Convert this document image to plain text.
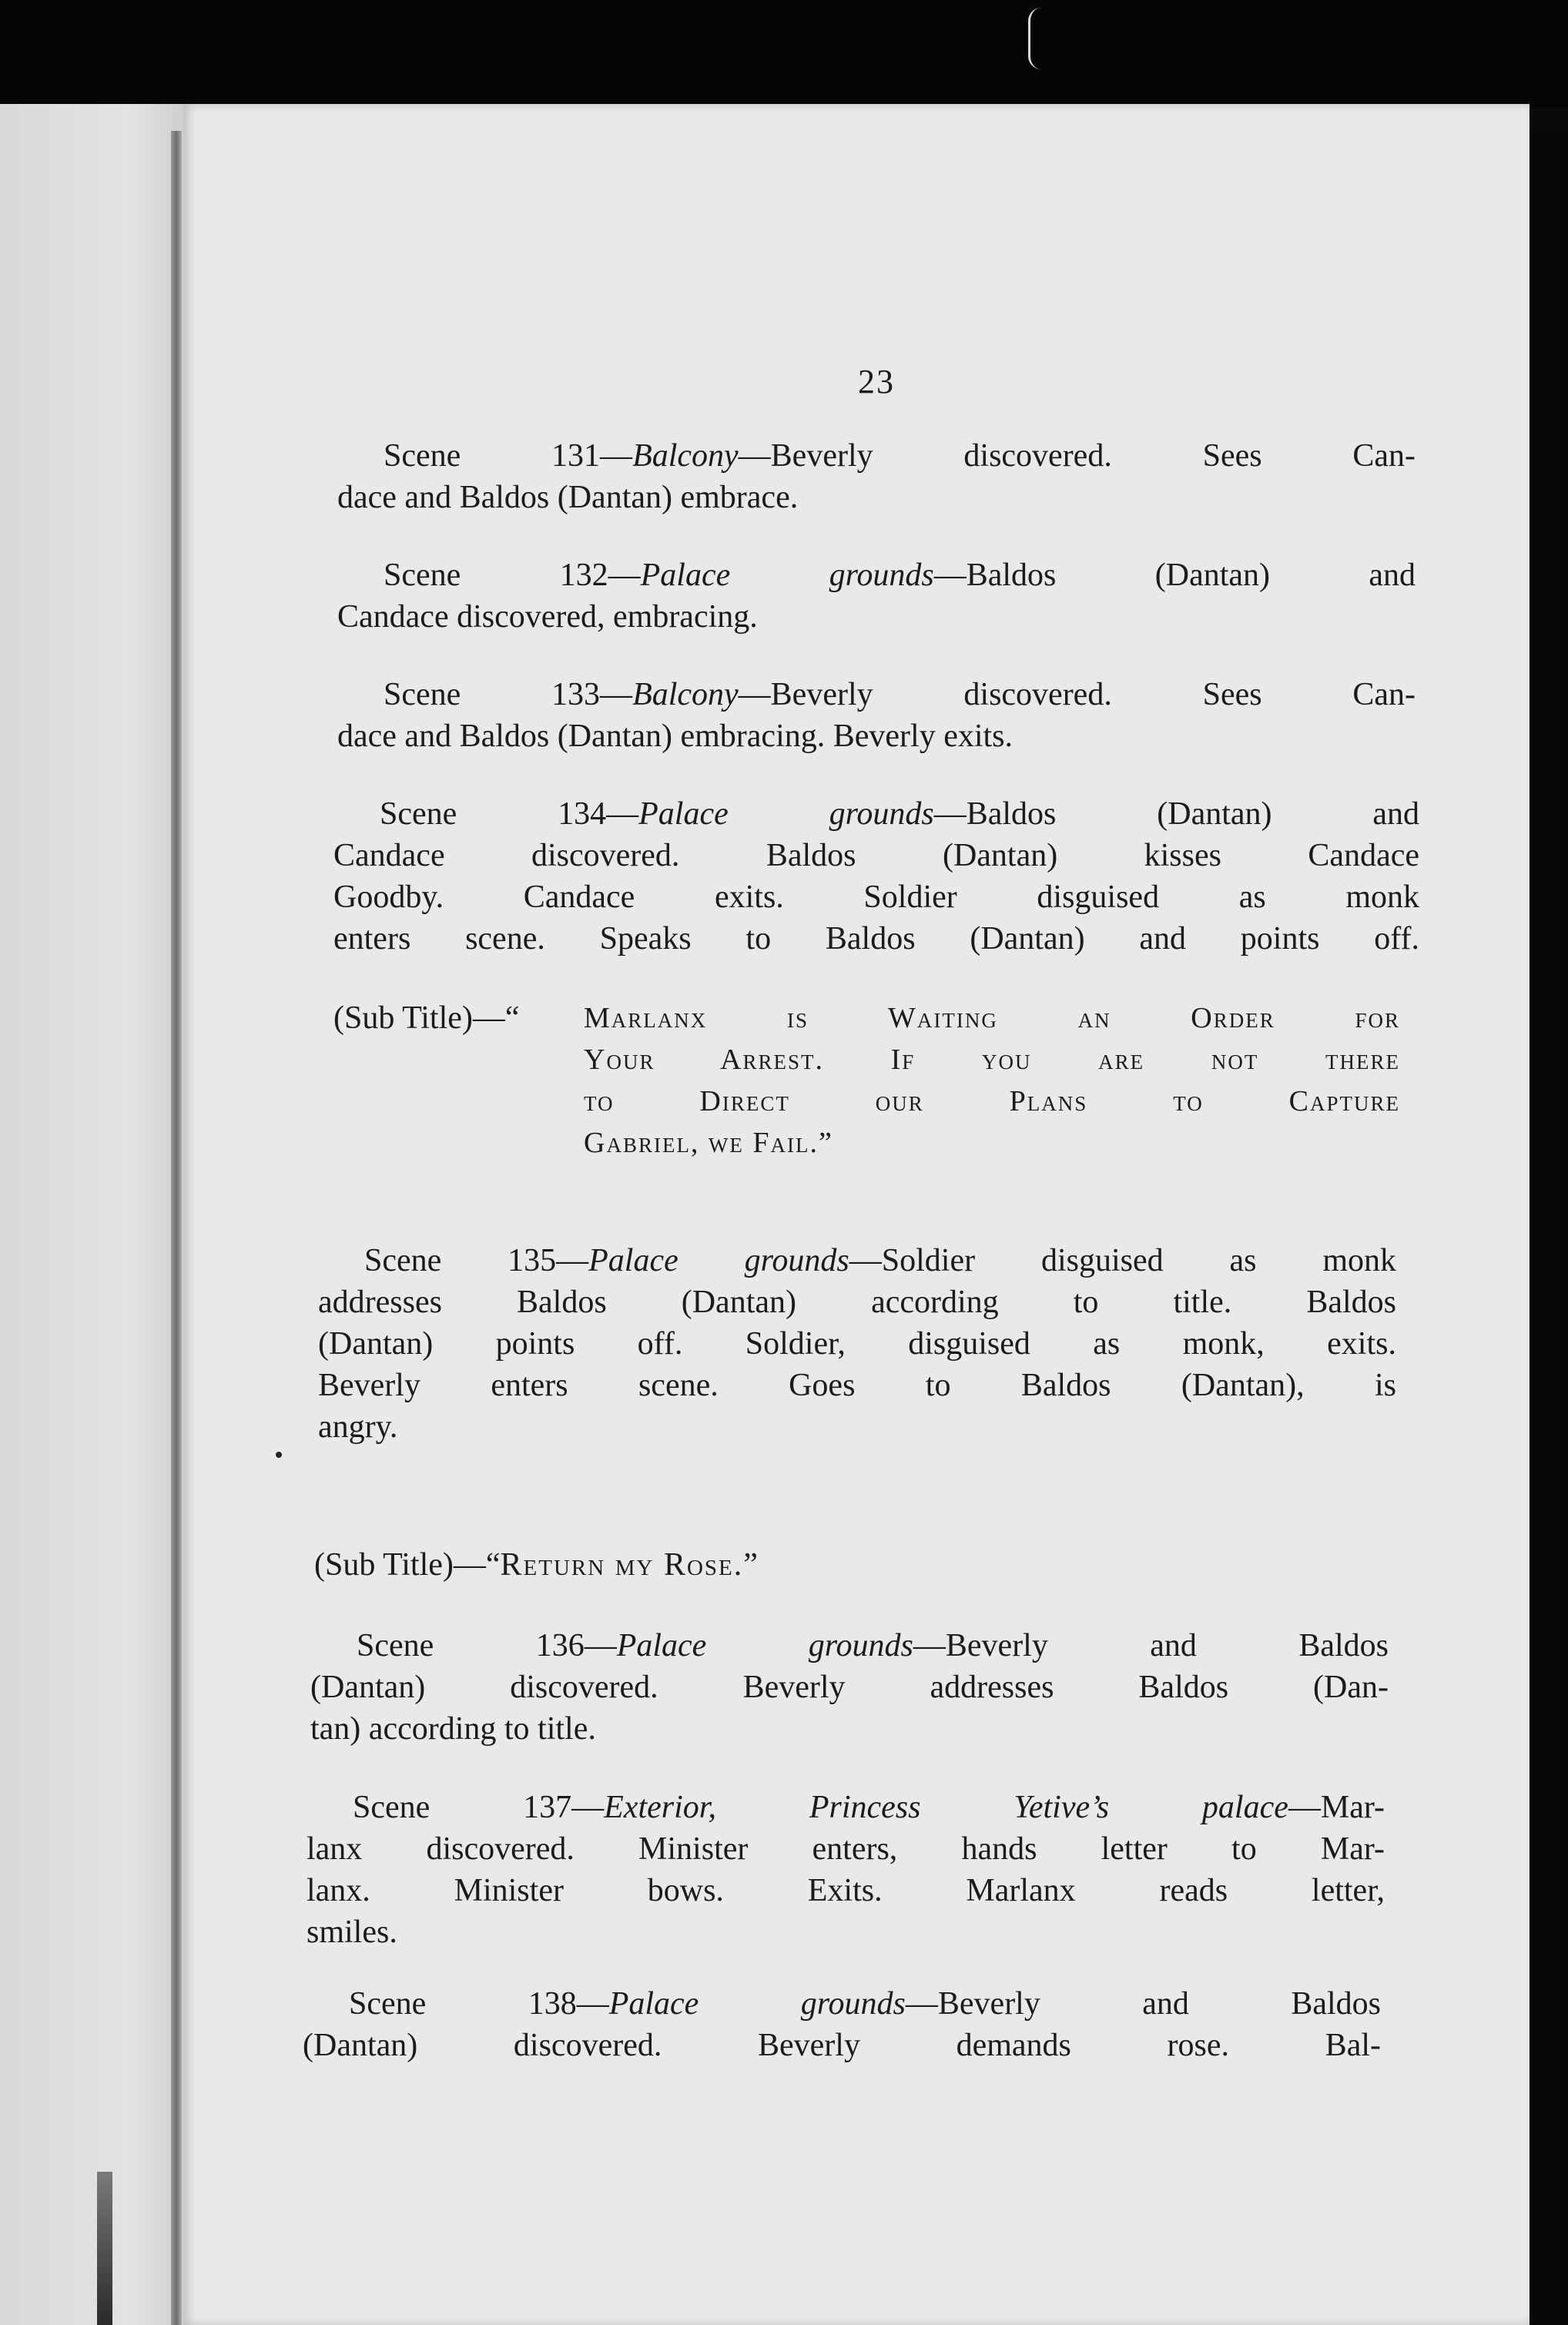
23
Scene 131—Balcony—Beverly discovered. Sees Can-
dace and Baldos (Dantan) embrace.
Scene 132—Palace grounds—Baldos (Dantan) and
Candace discovered, embracing.
Scene 133—Balcony—Beverly discovered. Sees Can-
dace and Baldos (Dantan) embracing. Beverly exits.
Scene 134—Palace grounds—Baldos (Dantan) and
Candace discovered. Baldos (Dantan) kisses Candace
Goodby. Candace exits. Soldier disguised as monk
enters scene. Speaks to Baldos (Dantan) and points off.
(Sub Title)—“	Marlanx is Waiting an Order for
Your Arrest. If you are not there
to Direct our Plans to Capture
Gabriel, we Fail.”
Scene 135—Palace grounds—Soldier disguised as monk
addresses Baldos (Dantan) according to title. Baldos
(Dantan) points off. Soldier, disguised as monk, exits.
Beverly enters scene. Goes to Baldos (Dantan), is
angry.
(Sub Title)—“Return my Rose.”
Scene 136—Palace grounds—Beverly and Baldos
(Dantan) discovered. Beverly addresses Baldos (Dan-
tan) according to title.
Scene 137—Exterior, Princess Yetive’s palace—Mar-
lanx discovered. Minister enters, hands letter to Mar-
lanx. Minister bows. Exits. Marlanx reads letter,
smiles.
Scene 138—Palace grounds—Beverly and Baldos
(Dantan) discovered. Beverly demands rose. Bal-
